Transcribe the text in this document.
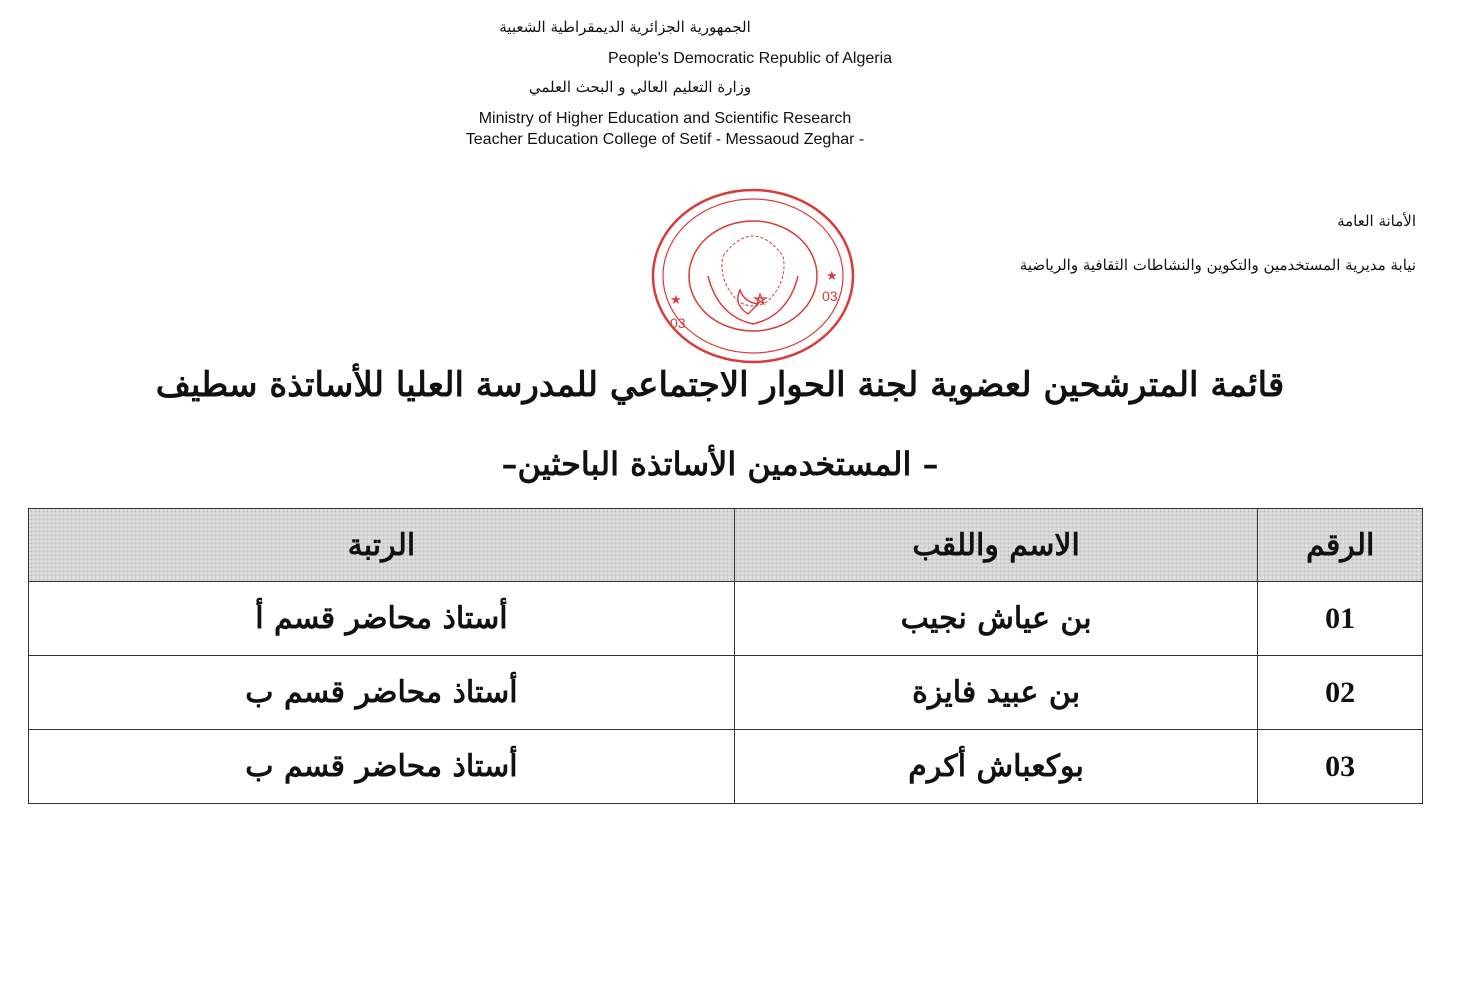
الجمهورية الجزائرية الديمقراطية الشعبية
People's Democratic Republic of Algeria
وزارة التعليم العالي و البحث العلمي
Ministry of Higher Education and Scientific Research
Teacher Education College of Setif - Messaoud Zeghar -
الأمانة العامة
نيابة مديرية المستخدمين والتكوين والنشاطات الثقافية والرياضية
03
03
★
★
قائمة المترشحين لعضوية لجنة الحوار الاجتماعي للمدرسة العليا للأساتذة سطيف
– المستخدمين الأساتذة الباحثين–
الرقم	الاسم واللقب	الرتبة
01	بن عياش نجيب	أستاذ محاضر قسم أ
02	بن عبيد فايزة	أستاذ محاضر قسم ب
03	بوكعباش أكرم	أستاذ محاضر قسم ب
